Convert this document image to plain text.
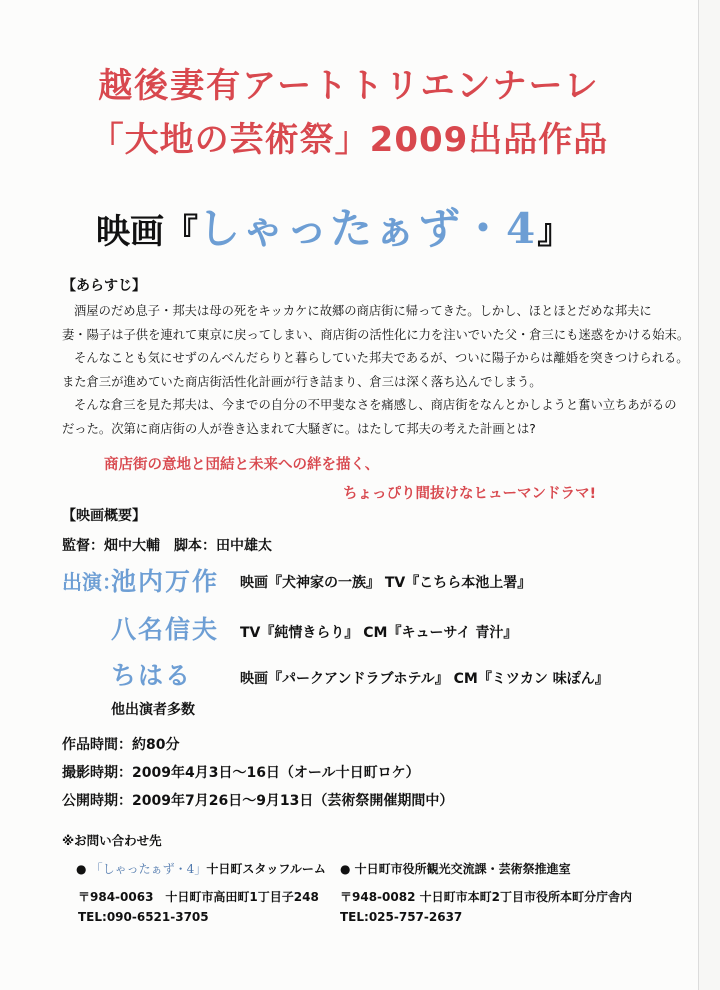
越後妻有アートトリエンナーレ
「大地の芸術祭」2009出品作品
映画『しゃったぁず・4』
【あらすじ】

酒屋のだめ息子・邦夫は母の死をキッカケに故郷の商店街に帰ってきた。しかし、ほとほとだめな邦夫に

妻・陽子は子供を連れて東京に戻ってしまい、商店街の活性化に力を注いでいた父・倉三にも迷惑をかける始末。

そんなことも気にせずのんべんだらりと暮らしていた邦夫であるが、ついに陽子からは離婚を突きつけられる。

また倉三が進めていた商店街活性化計画が行き詰まり、倉三は深く落ち込んでしまう。

そんな倉三を見た邦夫は、今までの自分の不甲斐なさを痛感し、商店街をなんとかしようと奮い立ちあがるの

だった。次第に商店街の人が巻き込まれて大騒ぎに。はたして邦夫の考えた計画とは?

商店街の意地と団結と未来への絆を描く、
ちょっぴり間抜けなヒューマンドラマ!
【映画概要】
監督：畑中大輔　脚本：田中雄太
出演：
池内万作 映画『犬神家の一族』 TV『こちら本池上署』
八名信夫 TV『純情きらり』 CM『キューサイ 青汁』
ちはる	映画『パークアンドラブホテル』 CM『ミツカン 味ぽん』
他出演者多数
作品時間：約80分
撮影時期：2009年4月3日～16日（オール十日町ロケ）
公開時期：2009年7月26日～9月13日（芸術祭開催期間中）
※お問い合わせ先
● 「しゃったぁず・4」十日町スタッフルーム
〒984-0063　十日町市高田町1丁目子248
TEL:090-6521-3705
● 十日町市役所観光交流課・芸術祭推進室
〒948-0082 十日町市本町2丁目市役所本町分庁舎内
TEL:025-757-2637
